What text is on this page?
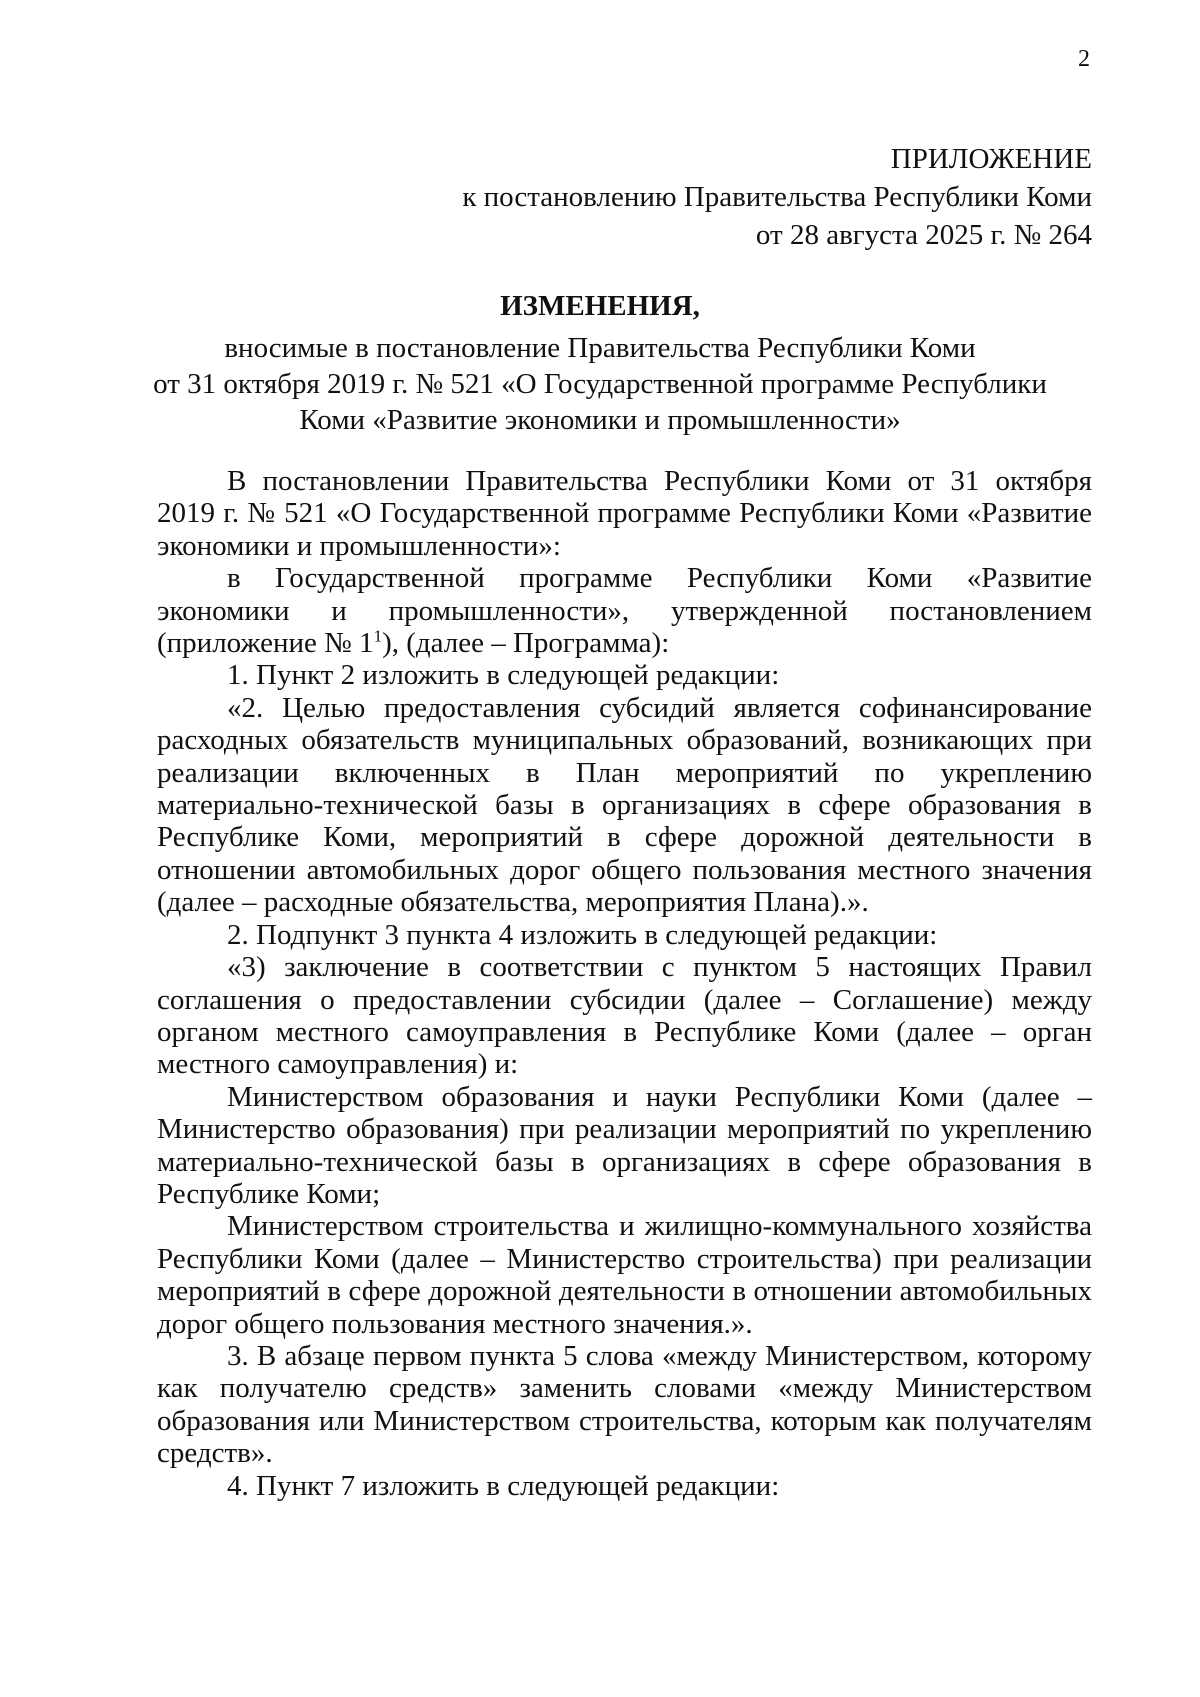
2
ПРИЛОЖЕНИЕ
к постановлению Правительства Республики Коми
от 28 августа 2025 г. № 264
ИЗМЕНЕНИЯ,
вносимые в постановление Правительства Республики Коми
от 31 октября 2019 г. № 521 «О Государственной программе Республики
Коми «Развитие экономики и промышленности»

В постановлении Правительства Республики Коми от 31 октября 2019 г. № 521 «О Государственной программе Республики Коми «Развитие экономики и промышленности»:

в Государственной программе Республики Коми «Развитие экономики и промышленности», утвержденной постановлением (приложение № $1^1$), (далее – Программа):

1. Пункт 2 изложить в следующей редакции:

«2. Целью предоставления субсидий является софинансирование расходных обязательств муниципальных образований, возникающих при реализации включенных в План мероприятий по укреплению материально-технической базы в организациях в сфере образования в Республике Коми, мероприятий в сфере дорожной деятельности в отношении автомобильных дорог общего пользования местного значения (далее – расходные обязательства, мероприятия Плана).».

2. Подпункт 3 пункта 4 изложить в следующей редакции:

«3) заключение в соответствии с пунктом 5 настоящих Правил соглашения о предоставлении субсидии (далее – Соглашение) между органом местного самоуправления в Республике Коми (далее – орган местного самоуправления) и:

Министерством образования и науки Республики Коми (далее – Министерство образования) при реализации мероприятий по укреплению материально-технической базы в организациях в сфере образования в Республике Коми;

Министерством строительства и жилищно-коммунального хозяйства Республики Коми (далее – Министерство строительства) при реализации мероприятий в сфере дорожной деятельности в отношении автомобильных дорог общего пользования местного значения.».

3. В абзаце первом пункта 5 слова «между Министерством, которому как получателю средств» заменить словами «между Министерством образования или Министерством строительства, которым как получателям средств».

4. Пункт 7 изложить в следующей редакции:
